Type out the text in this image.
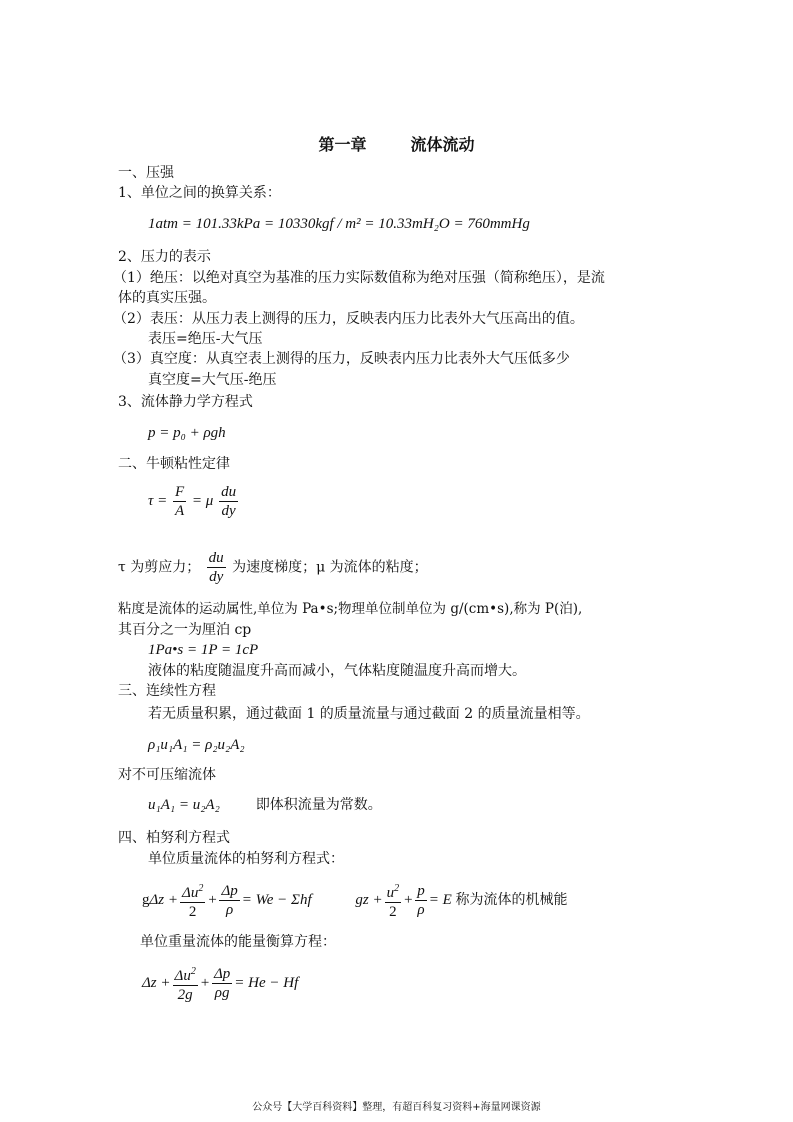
第一章	流体流动
一、压强
1、单位之间的换算关系：
1atm = 101.33kPa = 10330kgf / m² = 10.33mH₂O = 760mmHg
2、压力的表示
（1）绝压：以绝对真空为基准的压力实际数值称为绝对压强（简称绝压），是流
体的真实压强。
（2）表压：从压力表上测得的压力，反映表内压力比表外大气压高出的值。
表压=绝压-大气压
（3）真空度：从真空表上测得的压力，反映表内压力比表外大气压低多少
真空度=大气压-绝压
3、流体静力学方程式
p = p₀ + ρgh
二、牛顿粘性定律
$\tau = \frac{F}{A} = \mu \frac{du}{dy}$
τ 为剪应力； $\frac{du}{dy}$ 为速度梯度；μ 为流体的粘度；
粘度是流体的运动属性,单位为 Pa•s;物理单位制单位为 g/(cm•s),称为 P(泊),
其百分之一为厘泊 cp
1Pa•s = 1P = 1cP
液体的粘度随温度升高而减小，气体粘度随温度升高而增大。
三、连续性方程
若无质量积累，通过截面 1 的质量流量与通过截面 2 的质量流量相等。
ρ₁u₁A₁ = ρ₂u₂A₂
对不可压缩流体
u₁A₁ = u₂A₂	即体积流量为常数。
四、柏努利方程式
单位质量流体的柏努利方程式：
$g\Delta z + \frac{\Delta u^2}{2} + \frac{\Delta p}{\rho} = We - \Sigma hf$	gz + $\frac{u^2}{2} + \frac{p}{\rho} = E$ 称为流体的机械能
单位重量流体的能量衡算方程：
$\Delta z + \frac{\Delta u^2}{2g} + \frac{\Delta p}{\rho g} = He - Hf$
公众号【大学百科资料】整理，有超百科复习资料+海量网课资源
